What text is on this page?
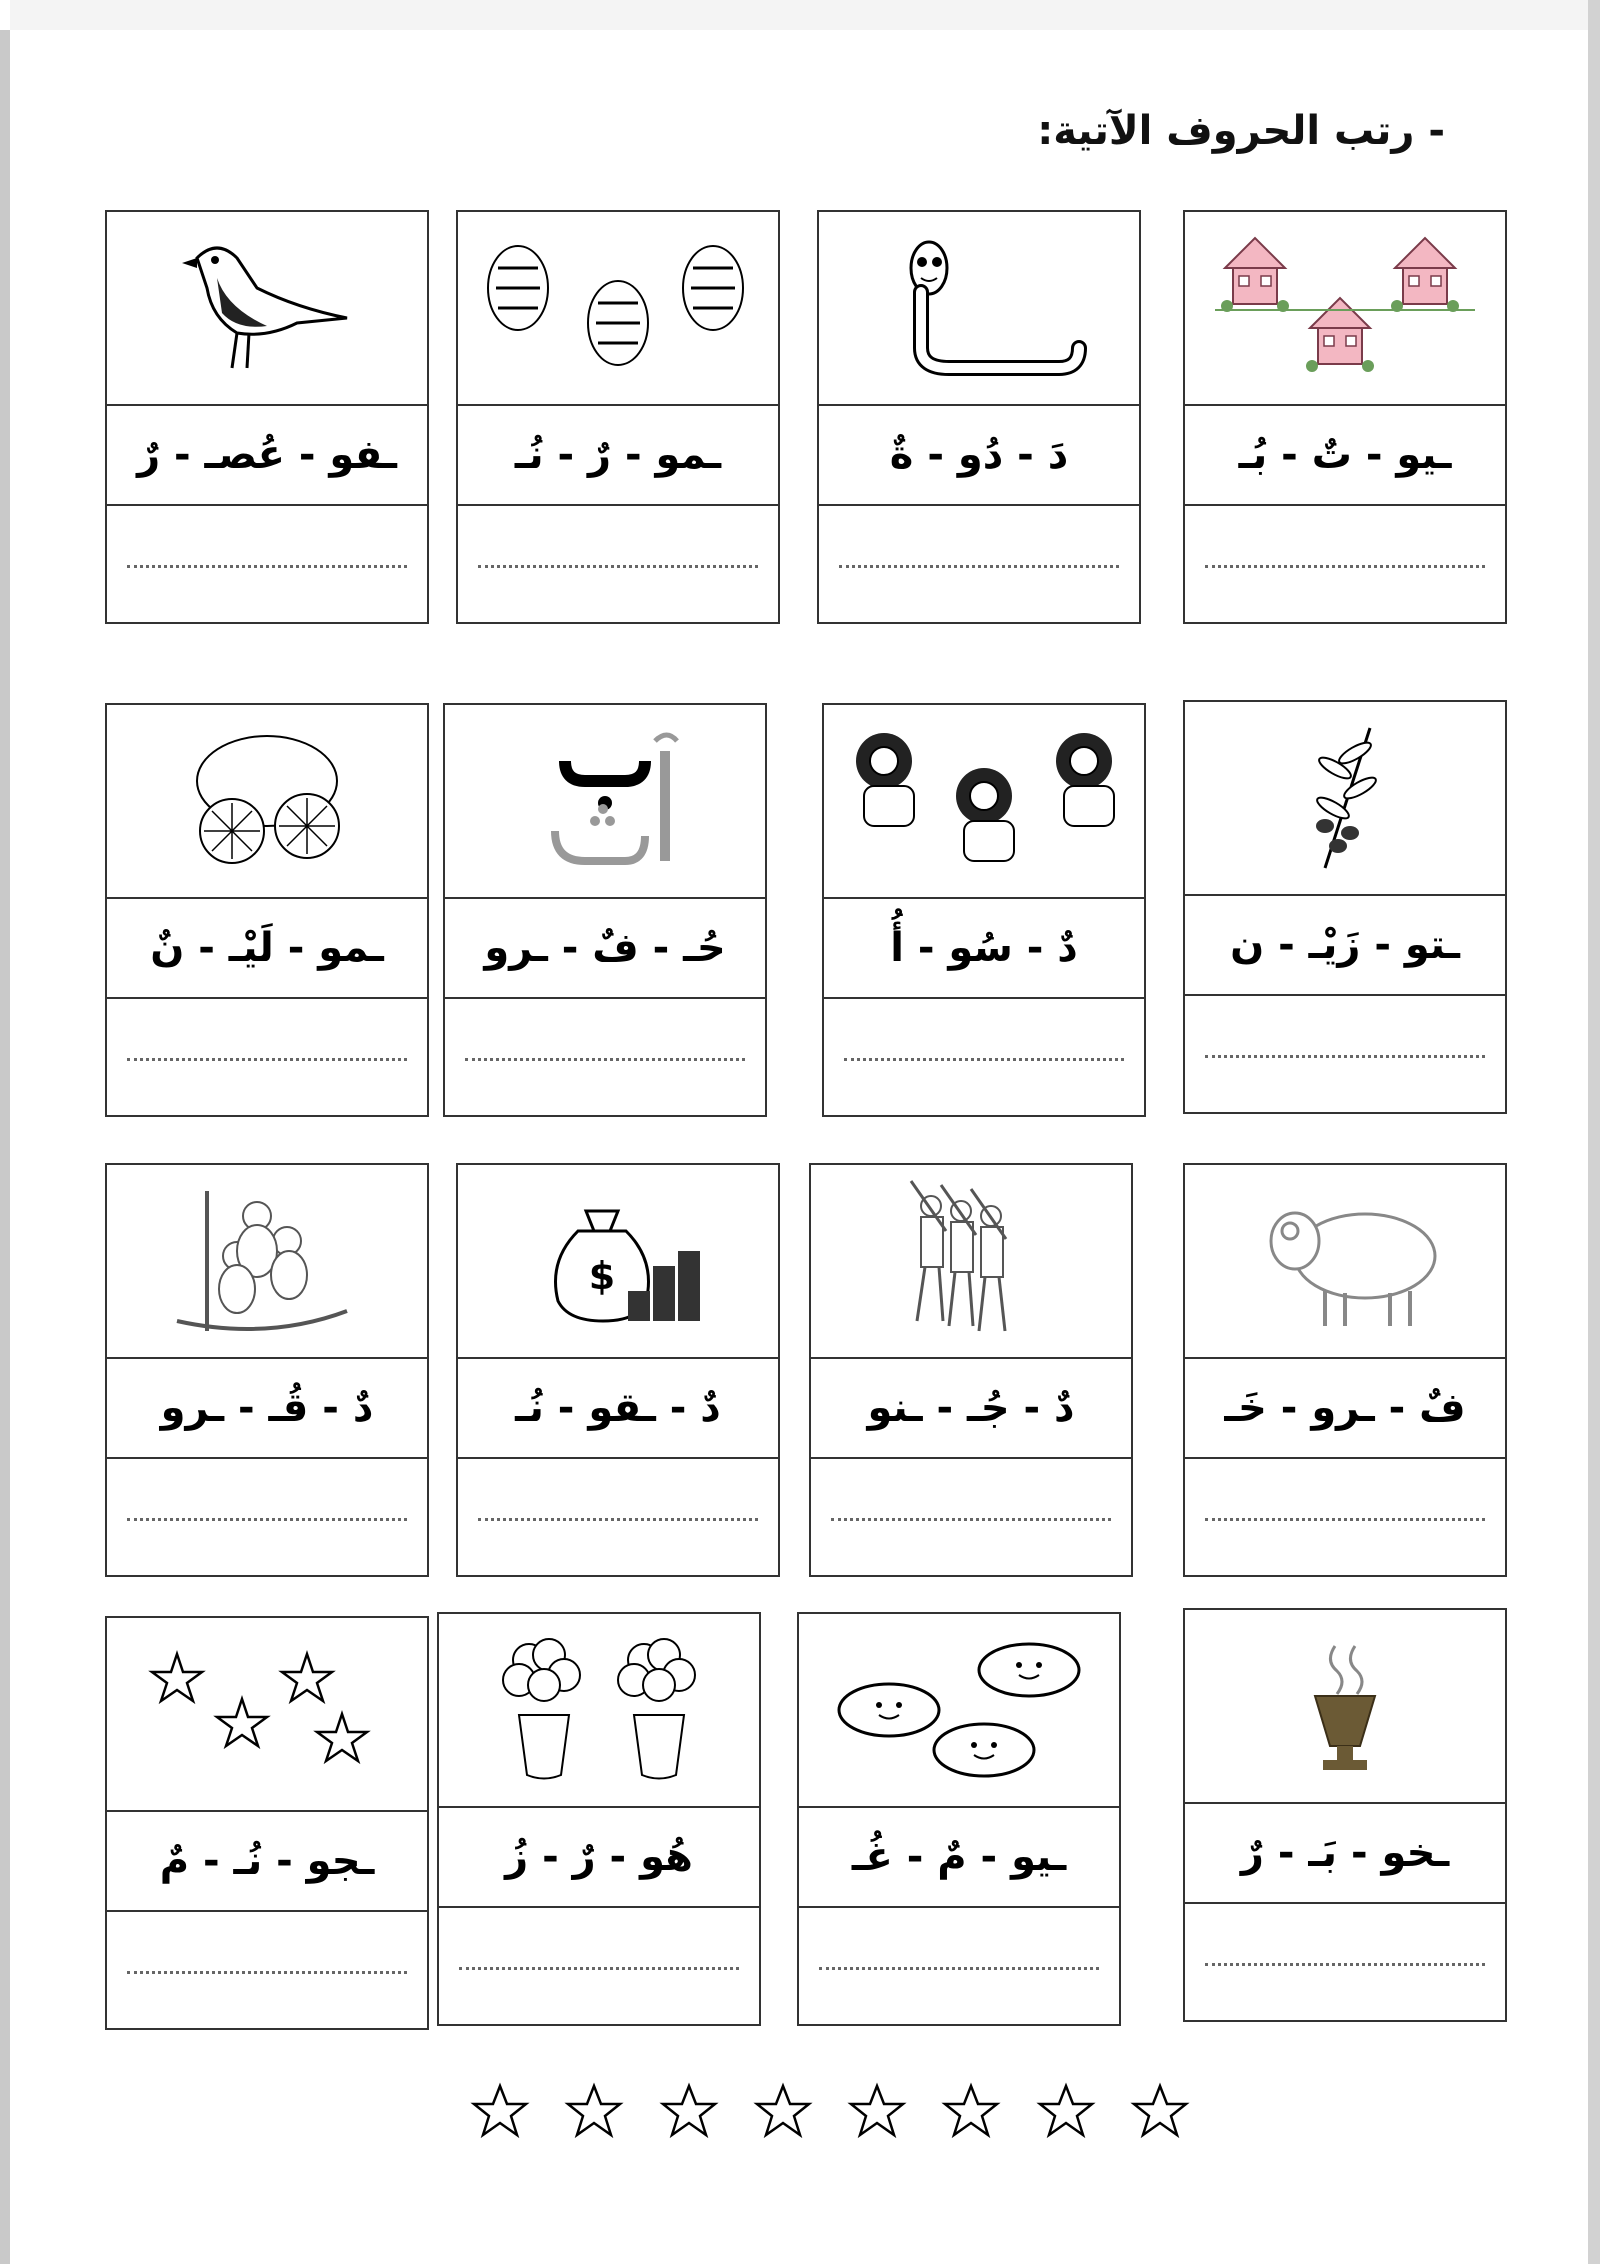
-
رتب الحروف الآتية:
ـيو - تٌ - بُـ
دَ - دُو - ةٌ
ـمو - رٌ - نُـ
ـفو - عُصـ - رٌ
ـتو - زَيْـ - ن
دٌ - سُو - أُ
حُـ - فٌ - ـرو
ـمو - لَيْـ - نٌ
فٌ - ـرو - خَـ
دٌ - جُـ - ـنو
$
دٌ - ـقو - نُـ
دٌ - قُـ - ـرو
ـخو - بَـ - رٌ
ـيو - مٌ - غُـ
هُو - رٌ - زُ
ـجو - نُـ - مٌ
